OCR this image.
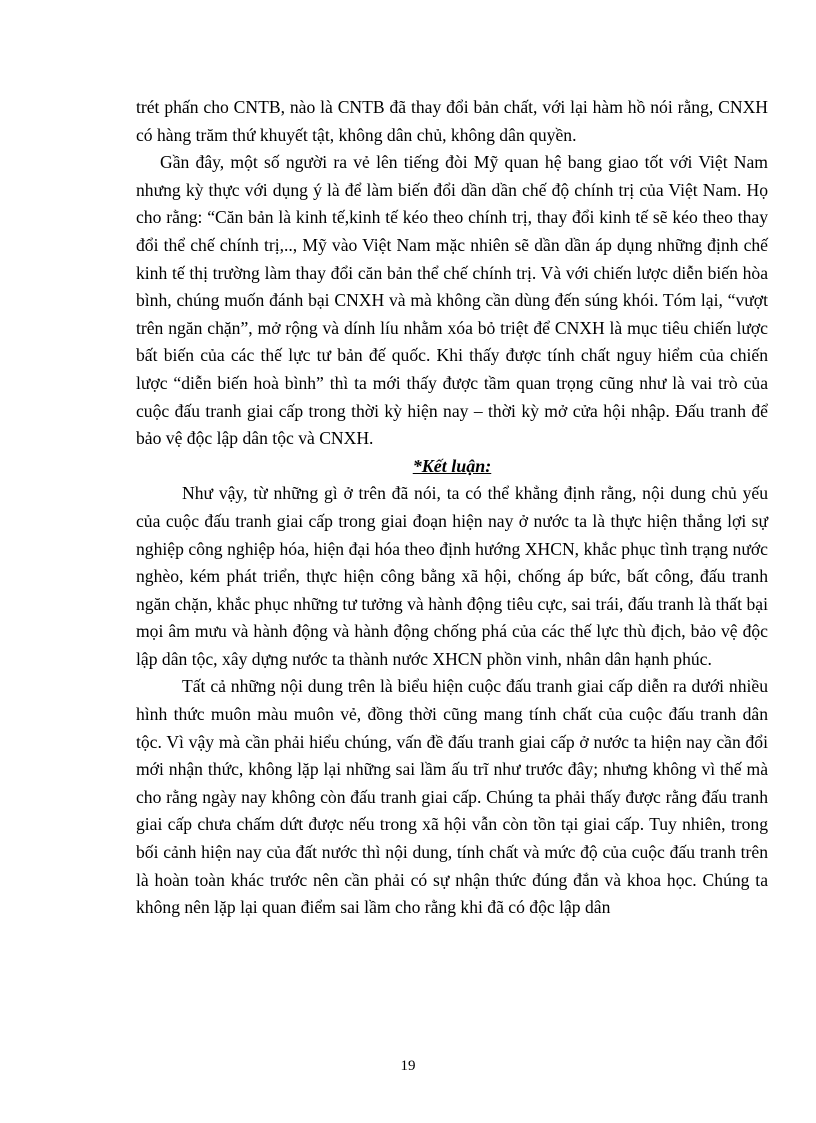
trét phấn cho CNTB, nào là CNTB đã thay đổi bản chất, với lại hàm hồ nói rằng, CNXH có hàng trăm thứ khuyết tật, không dân chủ, không dân quyền.

Gần đây, một số người ra vẻ lên tiếng đòi Mỹ quan hệ bang giao tốt với Việt Nam nhưng kỳ thực với dụng ý là để làm biến đổi dần dần chế độ chính trị của Việt Nam. Họ cho rằng: “Căn bản là kinh tế,kinh tế kéo theo chính trị, thay đổi kinh tế sẽ kéo theo thay đổi thể chế chính trị,.., Mỹ vào Việt Nam mặc nhiên sẽ dần dần áp dụng những định chế kinh tế thị trường làm thay đổi căn bản thể chế chính trị. Và với chiến lược diễn biến hòa bình, chúng muốn đánh bại CNXH và mà không cần dùng đến súng khói. Tóm lại, “vượt trên ngăn chặn”, mở rộng và dính líu nhằm xóa bỏ triệt để CNXH là mục tiêu chiến lược bất biến của các thế lực tư bản đế quốc. Khi thấy được tính chất nguy hiểm của chiến lược “diễn biến hoà bình” thì ta mới thấy được tầm quan trọng cũng như là vai trò của cuộc đấu tranh giai cấp trong thời kỳ hiện nay – thời kỳ mở cửa hội nhập. Đấu tranh để bảo vệ độc lập dân tộc và CNXH.

*Kết luận:

Như vậy, từ những gì ở trên đã nói, ta có thể khẳng định rằng, nội dung chủ yếu của cuộc đấu tranh giai cấp trong giai đoạn hiện nay ở nước ta là thực hiện thắng lợi sự nghiệp công nghiệp hóa, hiện đại hóa theo định hướng XHCN, khắc phục tình trạng nước nghèo, kém phát triển, thực hiện công bằng xã hội, chống áp bức, bất công, đấu tranh ngăn chặn, khắc phục những tư tưởng và hành động tiêu cực, sai trái, đấu tranh là thất bại mọi âm mưu và hành động và hành động chống phá của các thế lực thù địch, bảo vệ độc lập dân tộc, xây dựng nước ta thành nước XHCN phồn vinh, nhân dân hạnh phúc.

Tất cả những nội dung trên là biểu hiện cuộc đấu tranh giai cấp diễn ra dưới nhiều hình thức muôn màu muôn vẻ, đồng thời cũng mang tính chất của cuộc đấu tranh dân tộc. Vì vậy mà cần phải hiểu chúng, vấn đề đấu tranh giai cấp ở nước ta hiện nay cần đổi mới nhận thức, không lặp lại những sai lầm ấu trĩ như trước đây; nhưng không vì thế mà cho rằng ngày nay không còn đấu tranh giai cấp. Chúng ta phải thấy được rằng đấu tranh giai cấp chưa chấm dứt được nếu trong xã hội vẫn còn tồn tại giai cấp. Tuy nhiên, trong bối cảnh hiện nay của đất nước thì nội dung, tính chất và mức độ của cuộc đấu tranh trên là hoàn toàn khác trước nên cần phải có sự nhận thức đúng đắn và khoa học. Chúng ta không nên lặp lại quan điểm sai lầm cho rằng khi đã có độc lập dân

19
